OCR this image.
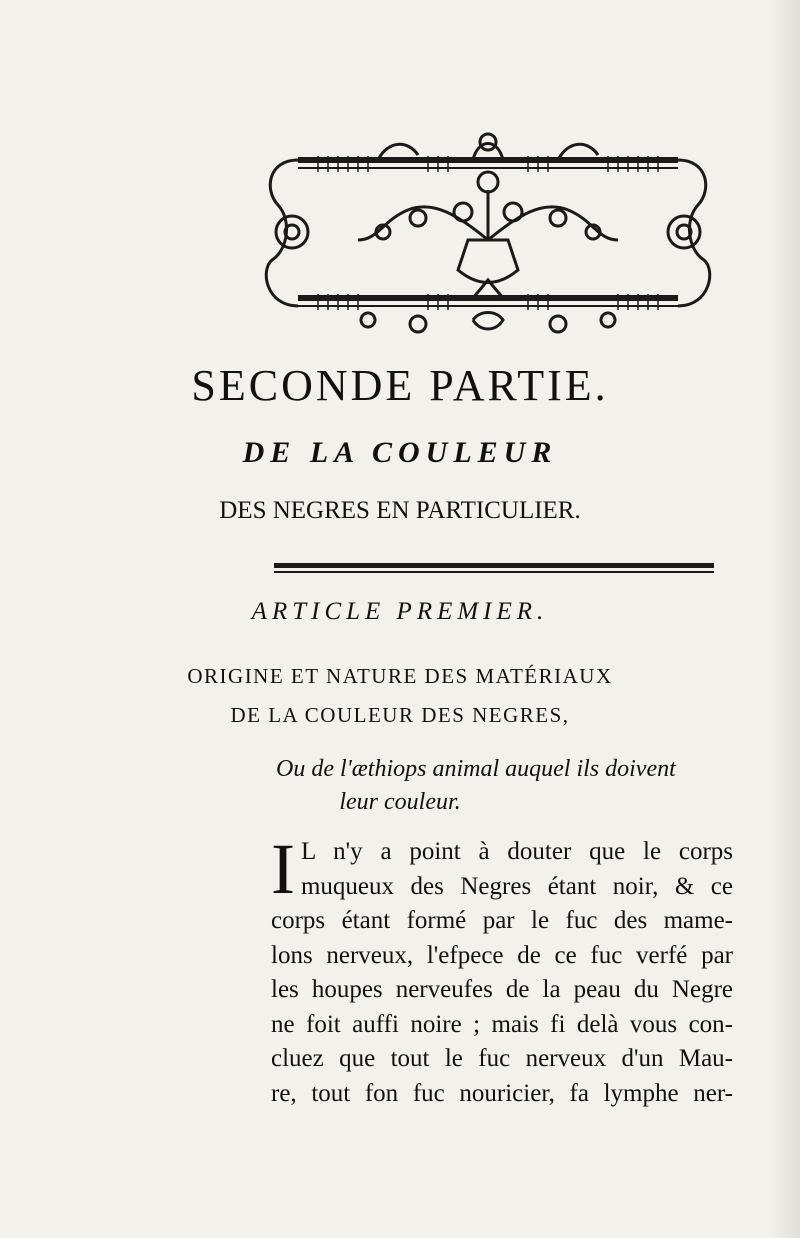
SECONDE PARTIE.
DE LA COULEUR
DES NEGRES EN PARTICULIER.
ARTICLE PREMIER.
ORIGINE ET NATURE DES MATÉRIAUX
DE LA COULEUR DES NEGRES,
Ou de l'æthiops animal auquel ils doivent
leur couleur.
I L n'y a point à douter que le corps
muqueux des Negres étant noir, & ce
corps étant formé par le fuc des mame-
lons nerveux, l'efpece de ce fuc verfé par
les houpes nerveufes de la peau du Negre
ne foit auffi noire ; mais fi delà vous con-
cluez que tout le fuc nerveux d'un Mau-
re, tout fon fuc nouricier, fa lymphe ner-
